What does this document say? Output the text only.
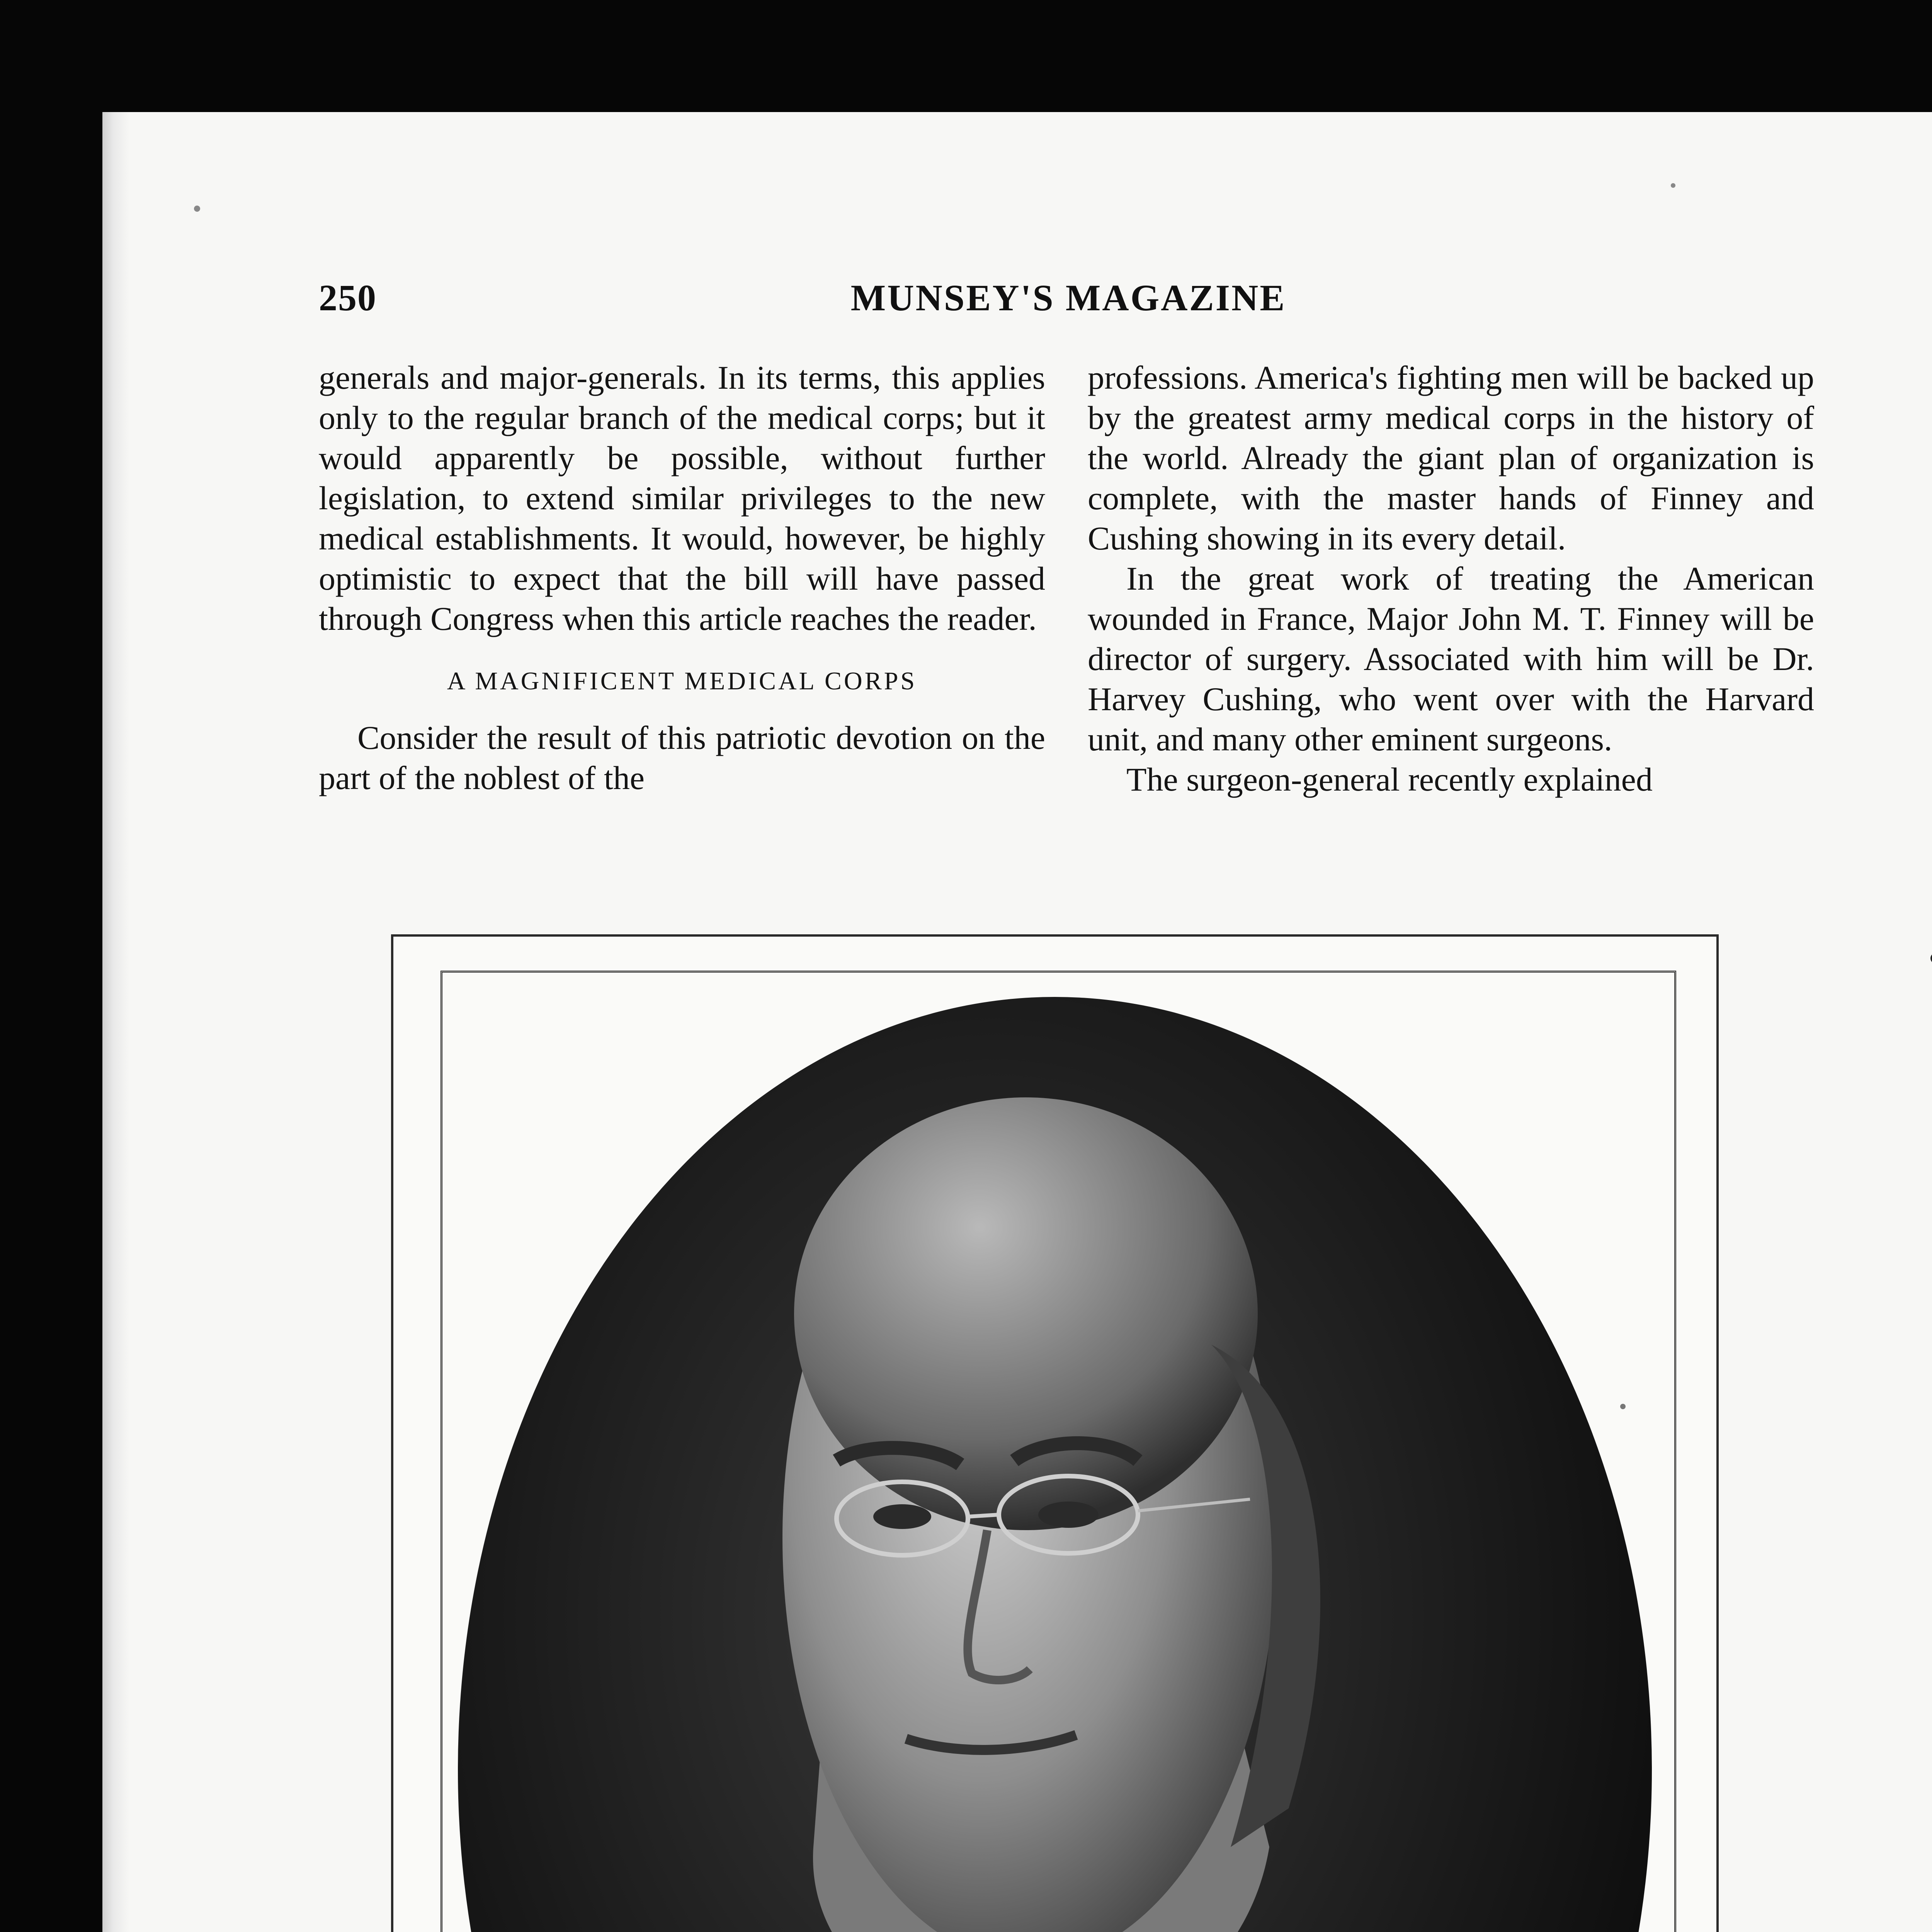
250	MUNSEY'S MAGAZINE

generals and major-generals. In its terms, this applies only to the regular branch of the medical corps; but it would apparently be possible, without further legislation, to extend similar privileges to the new medical establishments. It would, however, be highly optimistic to expect that the bill will have passed through Congress when this article reaches the reader.

A MAGNIFICENT MEDICAL CORPS

Consider the result of this patriotic devotion on the part of the noblest of the

professions. America's fighting men will be backed up by the greatest army medical corps in the history of the world. Already the giant plan of organization is complete, with the master hands of Finney and Cushing showing in its every detail.

In the great work of treating the American wounded in France, Major John M. T. Finney will be director of surgery. Associated with him will be Dr. Harvey Cushing, who went over with the Harvard unit, and many other eminent surgeons.

The surgeon-general recently explained
